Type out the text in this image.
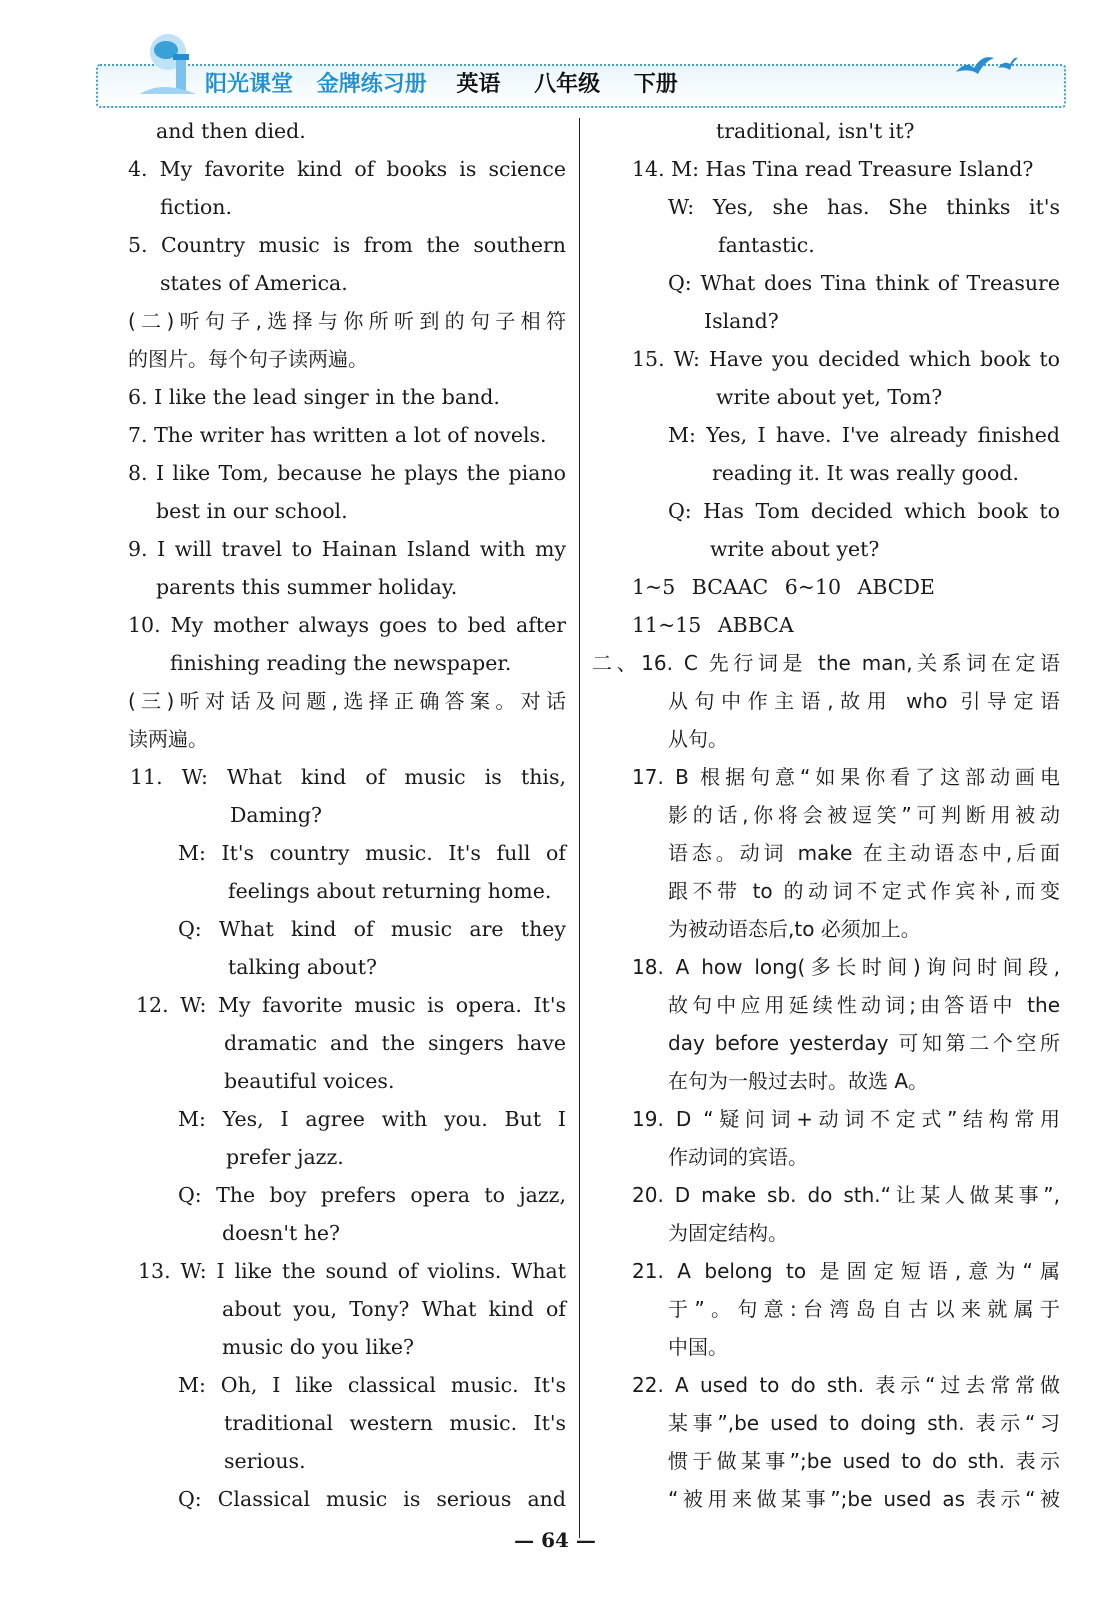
阳光课堂 金牌练习册 英语 八年级 下册
and then died.
4. My favorite kind of books is science
fiction.
5. Country music is from the southern
states of America.
(二)听句子,选择与你所听到的句子相符
的图片。每个句子读两遍。
6. I like the lead singer in the band.
7. The writer has written a lot of novels.
8. I like Tom, because he plays the piano
best in our school.
9. I will travel to Hainan Island with my
parents this summer holiday.
10. My mother always goes to bed after
finishing reading the newspaper.
(三)听对话及问题,选择正确答案。对话
读两遍。
11. W: What kind of music is this,
Daming?
M: It's country music. It's full of
feelings about returning home.
Q: What kind of music are they
talking about?
12. W: My favorite music is opera. It's
dramatic and the singers have
beautiful voices.
M: Yes, I agree with you. But I
prefer jazz.
Q: The boy prefers opera to jazz,
doesn't he?
13. W: I like the sound of violins. What
about you, Tony? What kind of
music do you like?
M: Oh, I like classical music. It's
traditional western music. It's
serious.
Q: Classical music is serious and
traditional, isn't it?
14. M: Has Tina read Treasure Island?
W: Yes, she has. She thinks it's
fantastic.
Q: What does Tina think of Treasure
Island?
15. W: Have you decided which book to
write about yet, Tom?
M: Yes, I have. I've already finished
reading it. It was really good.
Q: Has Tom decided which book to
write about yet?
1~5 BCAAC 6~10 ABCDE
11~15 ABBCA
二、16. C 先行词是 the man,关系词在定语
从句中作主语,故用 who 引导定语
从句。
17. B 根据句意“如果你看了这部动画电
影的话,你将会被逗笑”可判断用被动
语态。动词 make 在主动语态中,后面
跟不带 to 的动词不定式作宾补,而变
为被动语态后,to 必须加上。
18. A how long(多长时间)询问时间段,
故句中应用延续性动词;由答语中 the
day before yesterday 可知第二个空所
在句为一般过去时。故选 A。
19. D “疑问词+动词不定式”结构常用
作动词的宾语。
20. D make sb. do sth.“让某人做某事”,
为固定结构。
21. A belong to 是固定短语,意为“属
于”。句意:台湾岛自古以来就属于
中国。
22. A used to do sth. 表示“过去常常做
某事”,be used to doing sth. 表示“习
惯于做某事”;be used to do sth. 表示
“被用来做某事”;be used as 表示“被
— 64 —
